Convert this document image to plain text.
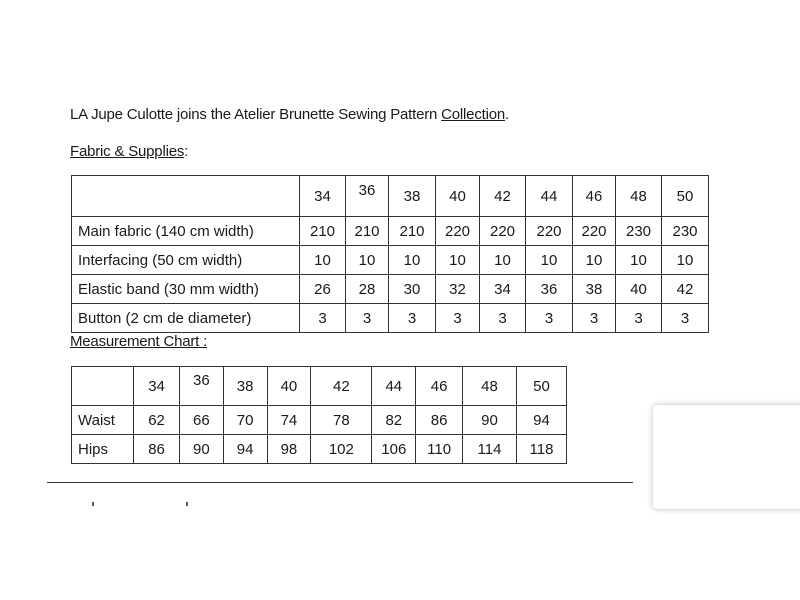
LA Jupe Culotte joins the Atelier Brunette Sewing Pattern Collection.
Fabric & Supplies:
	34	36	38	40	42	44	46	48	50
Main fabric (140 cm width)	210	210	210	220	220	220	220	230	230
Interfacing (50 cm width)	10	10	10	10	10	10	10	10	10
Elastic band (30 mm width)	26	28	30	32	34	36	38	40	42
Button (2 cm de diameter)	3	3	3	3	3	3	3	3	3
Measurement Chart :
	34	36	38	40	42	44	46	48	50
Waist	62	66	70	74	78	82	86	90	94
Hips	86	90	94	98	102	106	110	114	118
